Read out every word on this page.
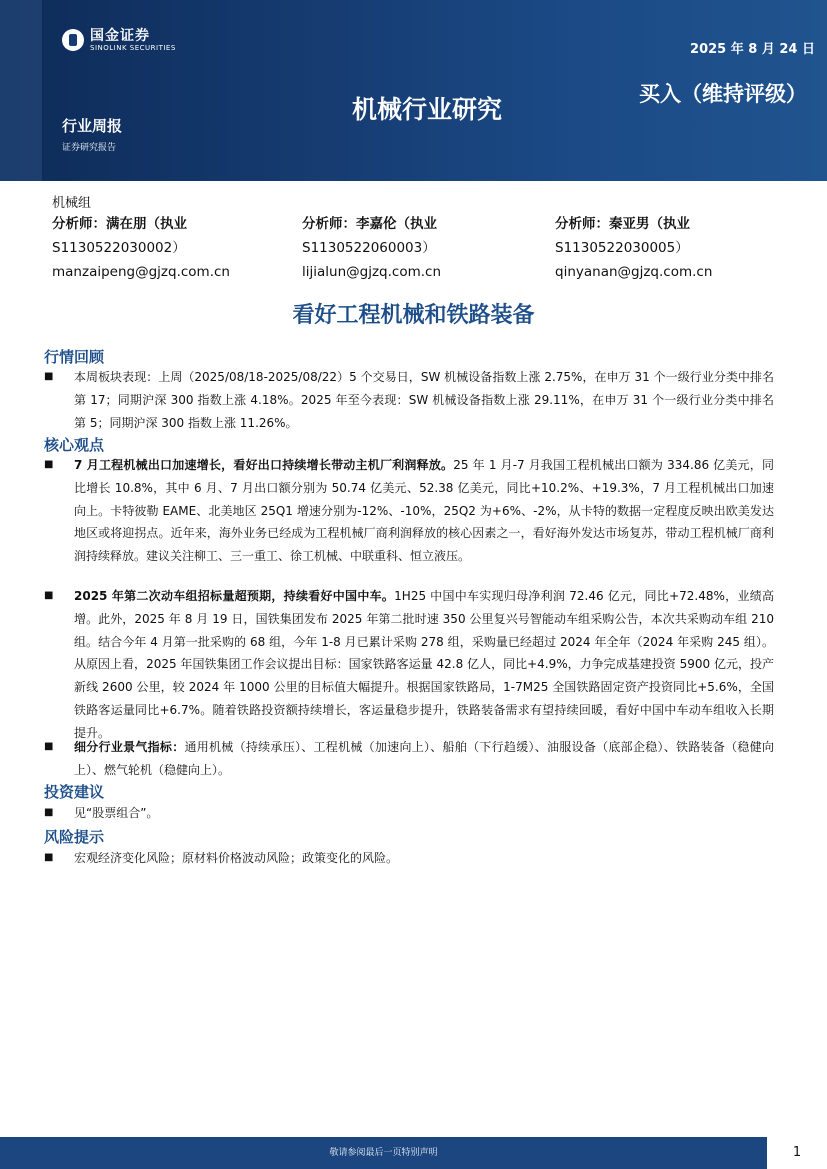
国金证券
SINOLINK SECURITIES	2025 年 8 月 24 日
买入（维持评级）
机械行业研究
行业周报
证券研究报告
机械组
分析师：满在朋（执业
S1130522030002）
manzaipeng@gjzq.com.cn
分析师：李嘉伦（执业
S1130522060003）
lijialun@gjzq.com.cn
分析师：秦亚男（执业
S1130522030005）
qinyanan@gjzq.com.cn
看好工程机械和铁路装备
行情回顾
■ 本周板块表现：上周（2025/08/18-2025/08/22）5 个交易日，SW 机械设备指数上涨 2.75%，在申万 31 个一级行业分类中排名第 17；同期沪深 300 指数上涨 4.18%。2025 年至今表现：SW 机械设备指数上涨 29.11%，在申万 31 个一级行业分类中排名第 5；同期沪深 300 指数上涨 11.26%。
核心观点
■ 7 月工程机械出口加速增长，看好出口持续增长带动主机厂利润释放。25 年 1 月-7 月我国工程机械出口额为 334.86 亿美元，同比增长 10.8%，其中 6 月、7 月出口额分别为 50.74 亿美元、52.38 亿美元，同比+10.2%、+19.3%，7 月工程机械出口加速向上。卡特彼勒 EAME、北美地区 25Q1 增速分别为-12%、-10%，25Q2 为+6%、-2%，从卡特的数据一定程度反映出欧美发达地区或将迎拐点。近年来，海外业务已经成为工程机械厂商利润释放的核心因素之一，看好海外发达市场复苏，带动工程机械厂商利润持续释放。建议关注柳工、三一重工、徐工机械、中联重科、恒立液压。
■ 2025 年第二次动车组招标量超预期，持续看好中国中车。1H25 中国中车实现归母净利润 72.46 亿元，同比+72.48%，业绩高增。此外，2025 年 8 月 19 日，国铁集团发布 2025 年第二批时速 350 公里复兴号智能动车组采购公告，本次共采购动车组 210 组。结合今年 4 月第一批采购的 68 组，今年 1-8 月已累计采购 278 组，采购量已经超过 2024 年全年（2024 年采购 245 组）。从原因上看，2025 年国铁集团工作会议提出目标：国家铁路客运量 42.8 亿人，同比+4.9%，力争完成基建投资 5900 亿元，投产新线 2600 公里，较 2024 年 1000 公里的目标值大幅提升。根据国家铁路局，1-7M25 全国铁路固定资产投资同比+5.6%，全国铁路客运量同比+6.7%。随着铁路投资额持续增长，客运量稳步提升，铁路装备需求有望持续回暖，看好中国中车动车组收入长期提升。
■ 细分行业景气指标：通用机械（持续承压）、工程机械（加速向上）、船舶（下行趋缓）、油服设备（底部企稳）、铁路装备（稳健向上）、燃气轮机（稳健向上）。
投资建议
■ 见“股票组合”。
风险提示
■ 宏观经济变化风险；原材料价格波动风险；政策变化的风险。
敬请参阅最后一页特别声明	1
